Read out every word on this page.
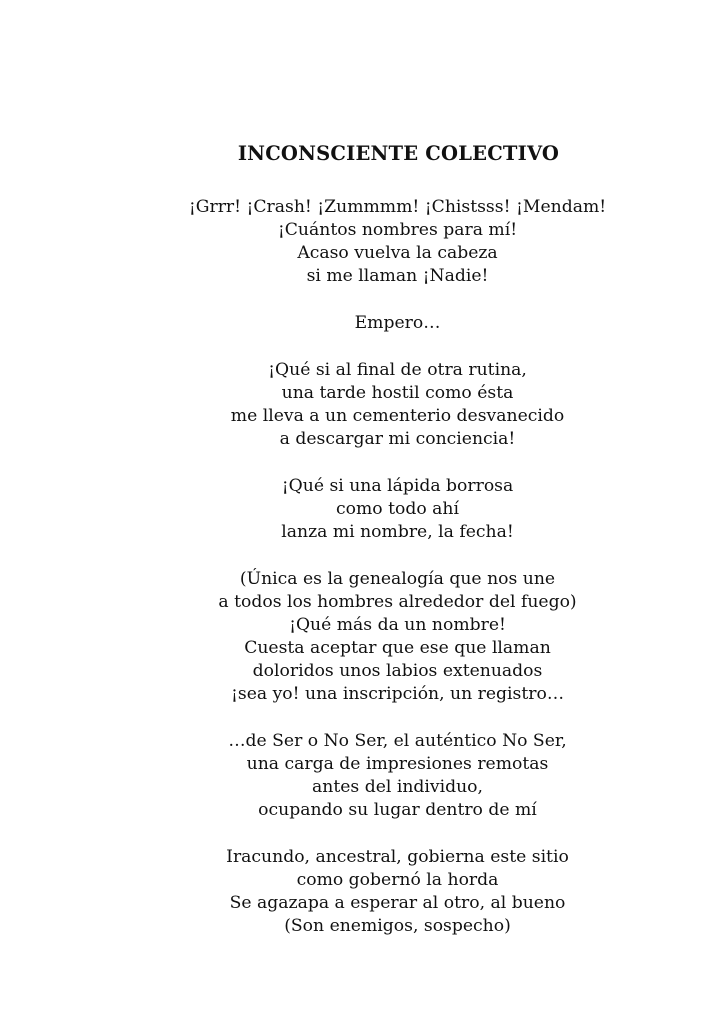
INCONSCIENTE COLECTIVO
¡Grrr! ¡Crash! ¡Zummmm! ¡Chistsss! ¡Mendam!
¡Cuántos nombres para mí!
Acaso vuelva la cabeza
si me llaman ¡Nadie!
Empero…
¡Qué si al final de otra rutina,
una tarde hostil como ésta
me lleva a un cementerio desvanecido
a descargar mi conciencia!
¡Qué si una lápida borrosa
como todo ahí
lanza mi nombre, la fecha!
(Única es la genealogía que nos une
a todos los hombres alrededor del fuego)
¡Qué más da un nombre!
Cuesta aceptar que ese que llaman
doloridos unos labios extenuados
¡sea yo! una inscripción, un registro…
…de Ser o No Ser, el auténtico No Ser,
una carga de impresiones remotas
antes del individuo,
ocupando su lugar dentro de mí
Iracundo, ancestral, gobierna este sitio
como gobernó la horda
Se agazapa a esperar al otro, al bueno
(Son enemigos, sospecho)
